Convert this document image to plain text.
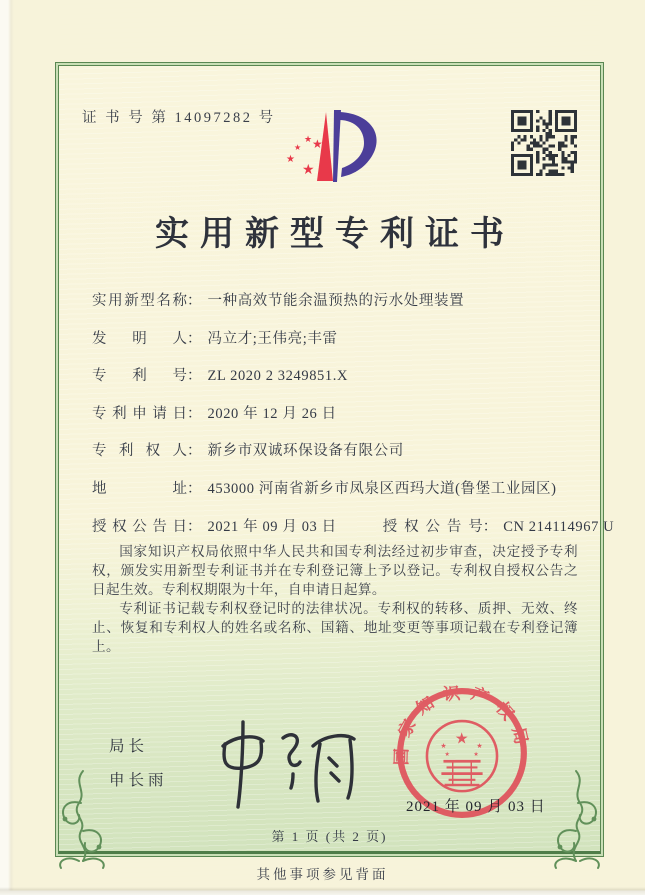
证 书 号 第 14097282 号
★ ★
★
★
★
实用新型专利证书
实用新型名称： 一种高效节能余温预热的污水处理装置
发明人： 冯立才;王伟亮;丰雷
专利号： ZL 2020 2 3249851.X
专利申请日： 2020 年 12 月 26 日
专利权人： 新乡市双诚环保设备有限公司
地址： 453000 河南省新乡市凤泉区西玛大道(鲁堡工业园区)
授权公告日： 2021 年 09 月 03 日	授权公告号： CN 214114967 U

国家知识产权局依照中华人民共和国专利法经过初步审查，决定授予专利权，颁发实用新型专利证书并在专利登记簿上予以登记。专利权自授权公告之日起生效。专利权期限为十年，自申请日起算。

专利证书记载专利权登记时的法律状况。专利权的转移、质押、无效、终止、恢复和专利权人的姓名或名称、国籍、地址变更等事项记载在专利登记簿上。

局长
申长雨
国家知识产权局
★
★	★
★	★
2021 年 09 月 03 日
第 1 页 (共 2 页)
其他事项参见背面
